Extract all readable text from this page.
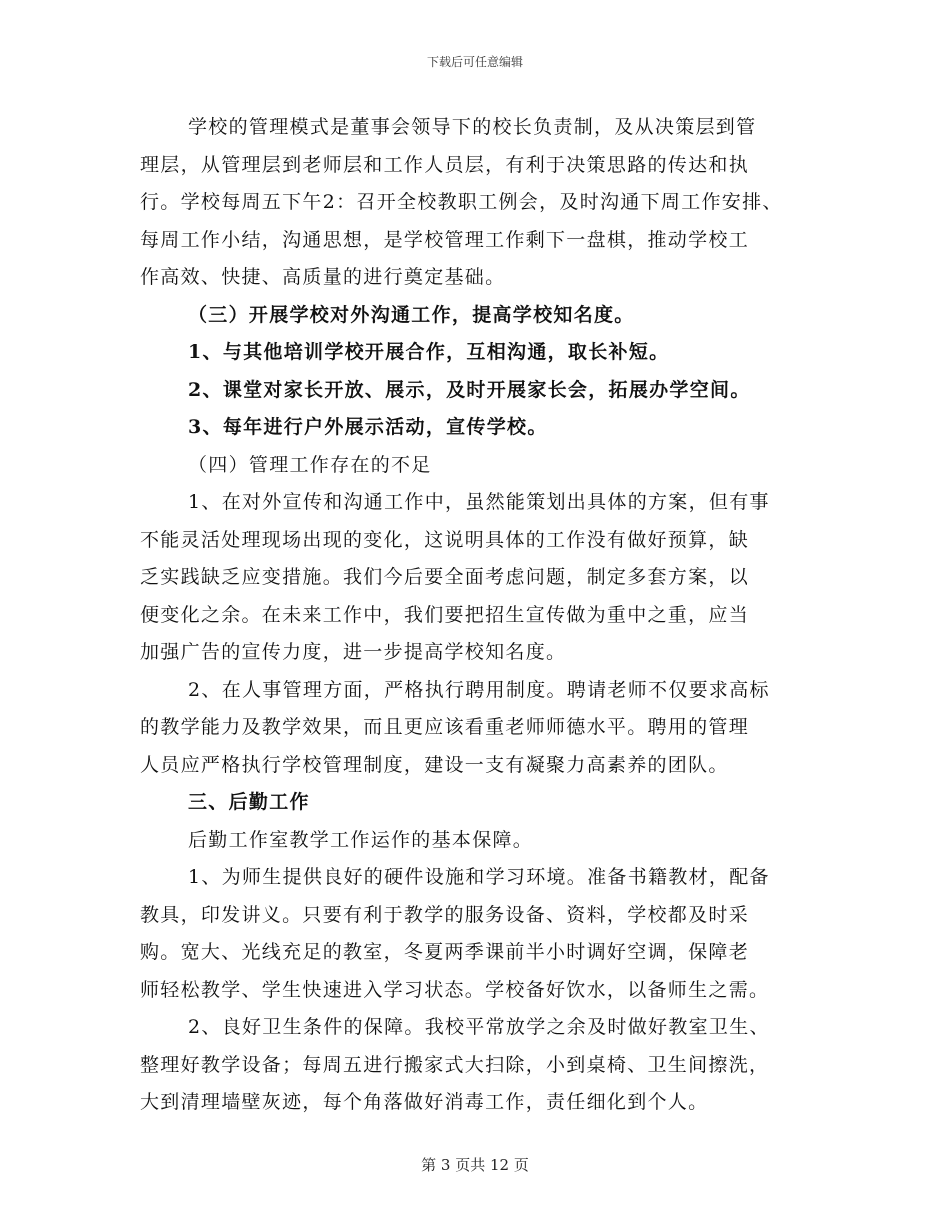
下载后可任意编辑
学校的管理模式是董事会领导下的校长负责制，及从决策层到管
理层，从管理层到老师层和工作人员层，有利于决策思路的传达和执
行。学校每周五下午2：召开全校教职工例会，及时沟通下周工作安排、
每周工作小结，沟通思想，是学校管理工作剩下一盘棋，推动学校工
作高效、快捷、高质量的进行奠定基础。
（三）开展学校对外沟通工作，提高学校知名度。
1、与其他培训学校开展合作，互相沟通，取长补短。
2、课堂对家长开放、展示，及时开展家长会，拓展办学空间。
3、每年进行户外展示活动，宣传学校。
（四）管理工作存在的不足
1、在对外宣传和沟通工作中，虽然能策划出具体的方案，但有事
不能灵活处理现场出现的变化，这说明具体的工作没有做好预算，缺
乏实践缺乏应变措施。我们今后要全面考虑问题，制定多套方案，以
便变化之余。在未来工作中，我们要把招生宣传做为重中之重，应当
加强广告的宣传力度，进一步提高学校知名度。
2、在人事管理方面，严格执行聘用制度。聘请老师不仅要求高标
的教学能力及教学效果，而且更应该看重老师师德水平。聘用的管理
人员应严格执行学校管理制度，建设一支有凝聚力高素养的团队。
三、后勤工作
后勤工作室教学工作运作的基本保障。
1、为师生提供良好的硬件设施和学习环境。准备书籍教材，配备
教具，印发讲义。只要有利于教学的服务设备、资料，学校都及时采
购。宽大、光线充足的教室，冬夏两季课前半小时调好空调，保障老
师轻松教学、学生快速进入学习状态。学校备好饮水，以备师生之需。
2、良好卫生条件的保障。我校平常放学之余及时做好教室卫生、
整理好教学设备；每周五进行搬家式大扫除，小到桌椅、卫生间擦洗，
大到清理墙壁灰迹，每个角落做好消毒工作，责任细化到个人。
第 3 页共 12 页
